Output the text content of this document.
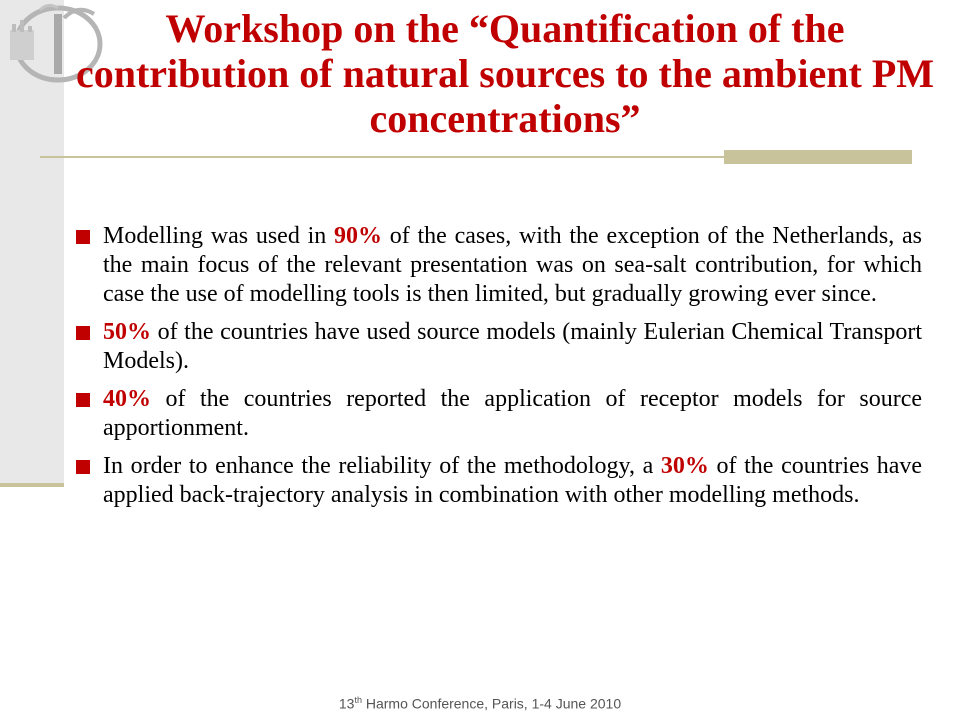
Workshop on the “Quantification of the contribution of natural sources to the ambient PM concentrations”
Modelling was used in 90% of the cases, with the exception of the Netherlands, as the main focus of the relevant presentation was on sea-salt contribution, for which case the use of modelling tools is then limited, but gradually growing ever since.
50% of the countries have used source models (mainly Eulerian Chemical Transport Models).
40% of the countries reported the application of receptor models for source apportionment.
In order to enhance the reliability of the methodology, a 30% of the countries have applied back-trajectory analysis in combination with other modelling methods.
13th Harmo Conference, Paris, 1-4 June 2010
